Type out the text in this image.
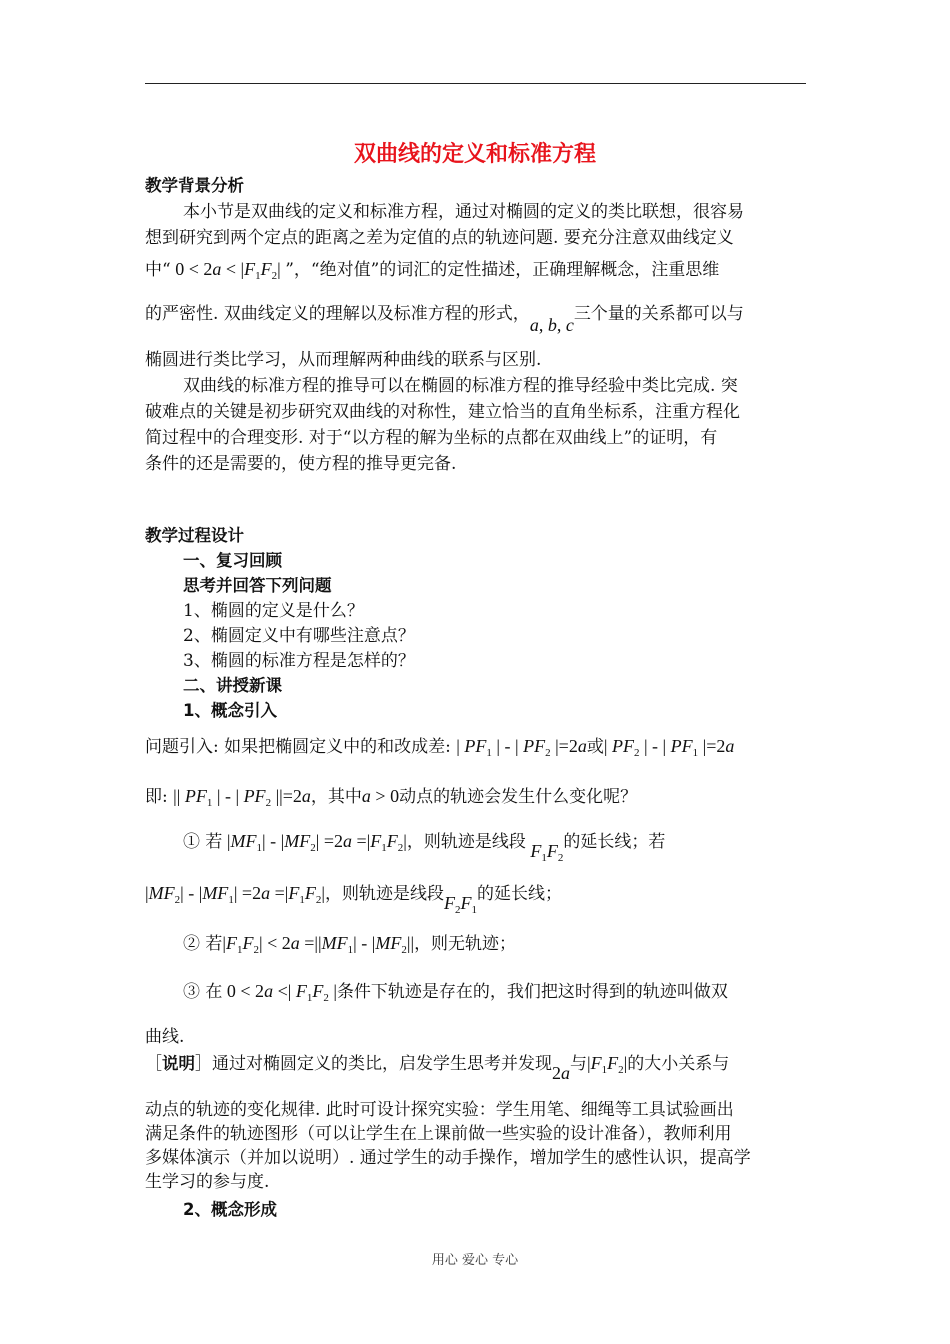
双曲线的定义和标准方程
教学背景分析
本小节是双曲线的定义和标准方程，通过对椭圆的定义的类比联想，很容易
想到研究到两个定点的距离之差为定值的点的轨迹问题. 要充分注意双曲线定义
中“ $0 < 2a < |F_1F_2|$ ”，“绝对值”的词汇的定性描述，正确理解概念，注重思维
的严密性. 双曲线定义的理解以及标准方程的形式，a, b, c三个量的关系都可以与
椭圆进行类比学习，从而理解两种曲线的联系与区别.
双曲线的标准方程的推导可以在椭圆的标准方程的推导经验中类比完成. 突
破难点的关键是初步研究双曲线的对称性，建立恰当的直角坐标系，注重方程化
简过程中的合理变形. 对于“以方程的解为坐标的点都在双曲线上”的证明，有
条件的还是需要的，使方程的推导更完备.
教学过程设计
一、复习回顾
思考并回答下列问题
1、椭圆的定义是什么？
2、椭圆定义中有哪些注意点？
3、椭圆的标准方程是怎样的？
二、讲授新课
1、概念引入
问题引入: 如果把椭圆定义中的和改成差: | $PF_1$ | - | $PF_2$ |=2a或| $PF_2$ | - | $PF_1$ |=2a
即: || $PF_1$ | - | $PF_2$ ||=2a，其中a > 0动点的轨迹会发生什么变化呢？
① 若 $|MF_1| - |MF_2| =2a =|F_1F_2|$，则轨迹是线段 $F_1F_2$的延长线；若
$|MF_2| - |MF_1| =2a =|F_1F_2|$，则轨迹是线段$F_2F_1$的延长线；
② 若$|F_1F_2| < 2a =||MF_1| - |MF_2||$，则无轨迹；
③ 在 0 < 2a <| $F_1F_2$ |条件下轨迹是存在的，我们把这时得到的轨迹叫做双
曲线.
［说明］通过对椭圆定义的类比，启发学生思考并发现2a与$|F_1F_2|$的大小关系与
动点的轨迹的变化规律. 此时可设计探究实验：学生用笔、细绳等工具试验画出
满足条件的轨迹图形（可以让学生在上课前做一些实验的设计准备），教师利用
多媒体演示（并加以说明）. 通过学生的动手操作，增加学生的感性认识，提高学
生学习的参与度.
2、概念形成
用心 爱心 专心
